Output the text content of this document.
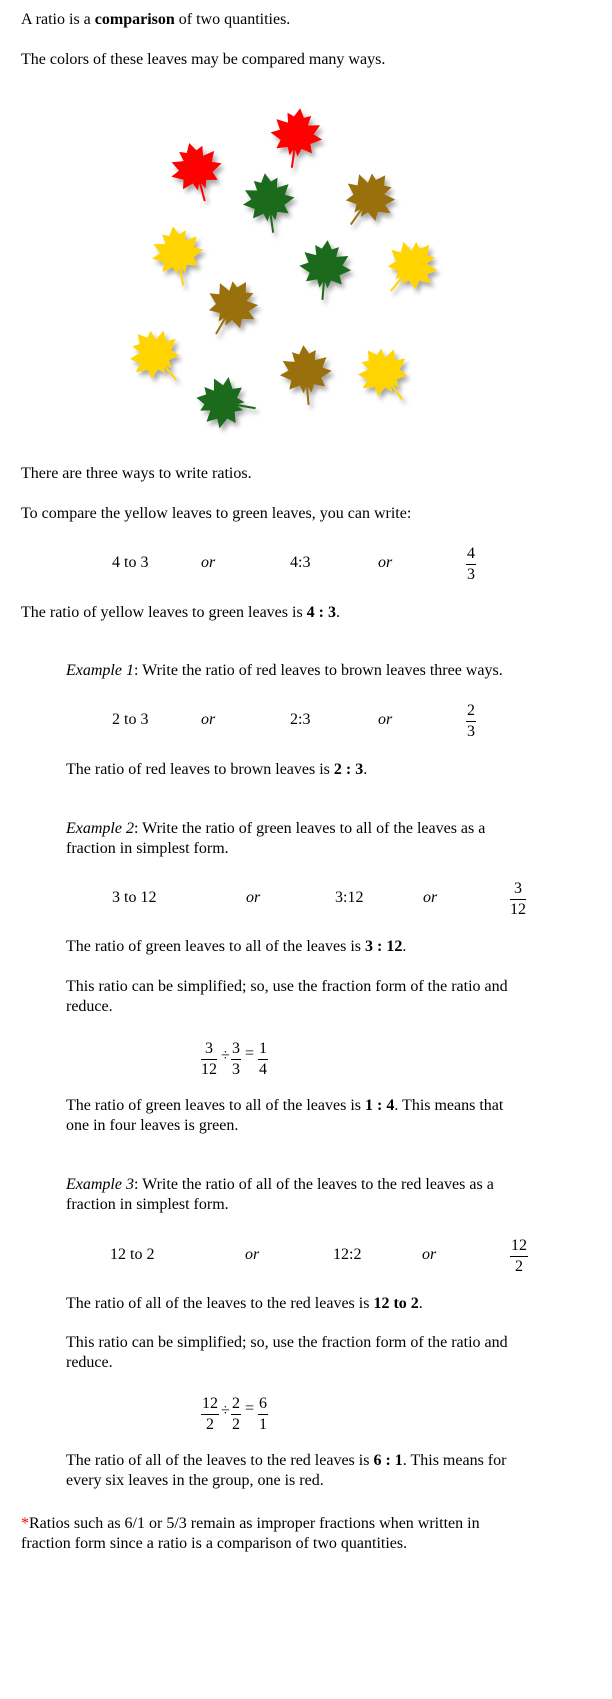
A ratio is a comparison of two quantities.

The colors of these leaves may be compared many ways.

There are three ways to write ratios.

To compare the yellow leaves to green leaves, you can write:

4 to 3	or	4:3	or	$\frac{4}{3}$

The ratio of yellow leaves to green leaves is 4 : 3.

Example 1: Write the ratio of red leaves to brown leaves three ways.

2 to 3	or	2:3	or	$\frac{2}{3}$

The ratio of red leaves to brown leaves is 2 : 3.

Example 2: Write the ratio of green leaves to all of the leaves as a

fraction in simplest form.

3 to 12	or	3:12	or	$\frac{3}{12}$

The ratio of green leaves to all of the leaves is 3 : 12.

This ratio can be simplified; so, use the fraction form of the ratio and

reduce.

$\frac{3}{12} \div \frac{3}{3} = \frac{1}{4}$

The ratio of green leaves to all of the leaves is 1 : 4. This means that

one in four leaves is green.

Example 3: Write the ratio of all of the leaves to the red leaves as a

fraction in simplest form.

12 to 2	or	12:2	or	$\frac{12}{2}$

The ratio of all of the leaves to the red leaves is 12 to 2.

This ratio can be simplified; so, use the fraction form of the ratio and

reduce.

$\frac{12}{2} \div \frac{2}{2} = \frac{6}{1}$

The ratio of all of the leaves to the red leaves is 6 : 1. This means for

every six leaves in the group, one is red.

*Ratios such as 6/1 or 5/3 remain as improper fractions when written in

fraction form since a ratio is a comparison of two quantities.
